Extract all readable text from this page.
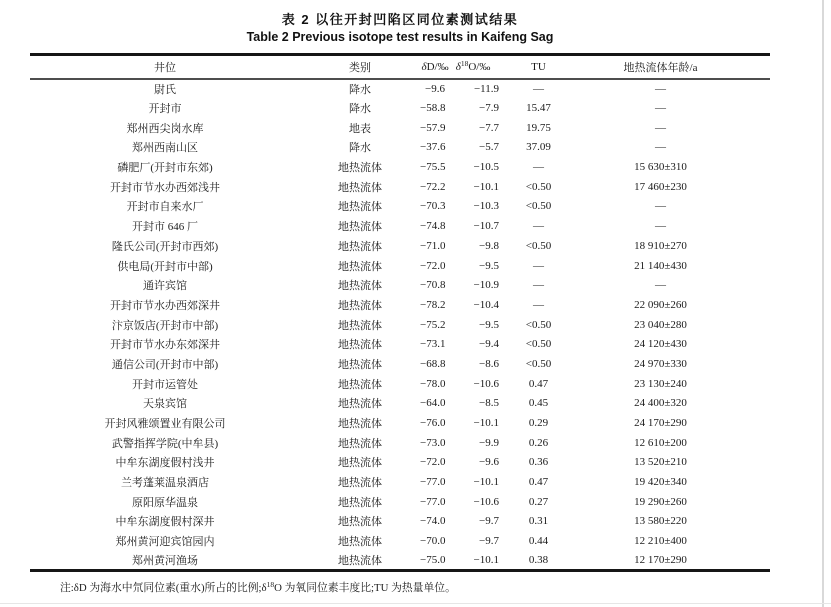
表 2 以往开封凹陷区同位素测试结果
Table 2 Previous isotope test results in Kaifeng Sag
井位	类别	δD/‰	$\delta^{18}O/‰$	TU	地热流体年龄/a
尉氏	降水	−9.6	−11.9	—	—
开封市	降水	−58.8	−7.9	15.47	—
郑州西尖岗水库	地表	−57.9	−7.7	19.75	—
郑州西南山区	降水	−37.6	−5.7	37.09	—
磷肥厂(开封市东郊)	地热流体	−75.5	−10.5	—	15 630±310
开封市节水办西郊浅井	地热流体	−72.2	−10.1	<0.50	17 460±230
开封市自来水厂	地热流体	−70.3	−10.3	<0.50	—
开封市 646 厂	地热流体	−74.8	−10.7	—	—
隆氏公司(开封市西郊)	地热流体	−71.0	−9.8	<0.50	18 910±270
供电局(开封市中部)	地热流体	−72.0	−9.5	—	21 140±430
通许宾馆	地热流体	−70.8	−10.9	—	—
开封市节水办西郊深井	地热流体	−78.2	−10.4	—	22 090±260
汴京饭店(开封市中部)	地热流体	−75.2	−9.5	<0.50	23 040±280
开封市节水办东郊深井	地热流体	−73.1	−9.4	<0.50	24 120±430
通信公司(开封市中部)	地热流体	−68.8	−8.6	<0.50	24 970±330
开封市运管处	地热流体	−78.0	−10.6	0.47	23 130±240
天泉宾馆	地热流体	−64.0	−8.5	0.45	24 400±320
开封风雅颂置业有限公司	地热流体	−76.0	−10.1	0.29	24 170±290
武警指挥学院(中牟县)	地热流体	−73.0	−9.9	0.26	12 610±200
中牟东湖度假村浅井	地热流体	−72.0	−9.6	0.36	13 520±210
兰考蓬莱温泉酒店	地热流体	−77.0	−10.1	0.47	19 420±340
原阳原华温泉	地热流体	−77.0	−10.6	0.27	19 290±260
中牟东湖度假村深井	地热流体	−74.0	−9.7	0.31	13 580±220
郑州黄河迎宾馆园内	地热流体	−70.0	−9.7	0.44	12 210±400
郑州黄河渔场	地热流体	−75.0	−10.1	0.38	12 170±290
注:δD 为海水中氘同位素(重水)所占的比例$;\delta^{18}O$ 为氧同位素丰度比;TU 为热量单位。
